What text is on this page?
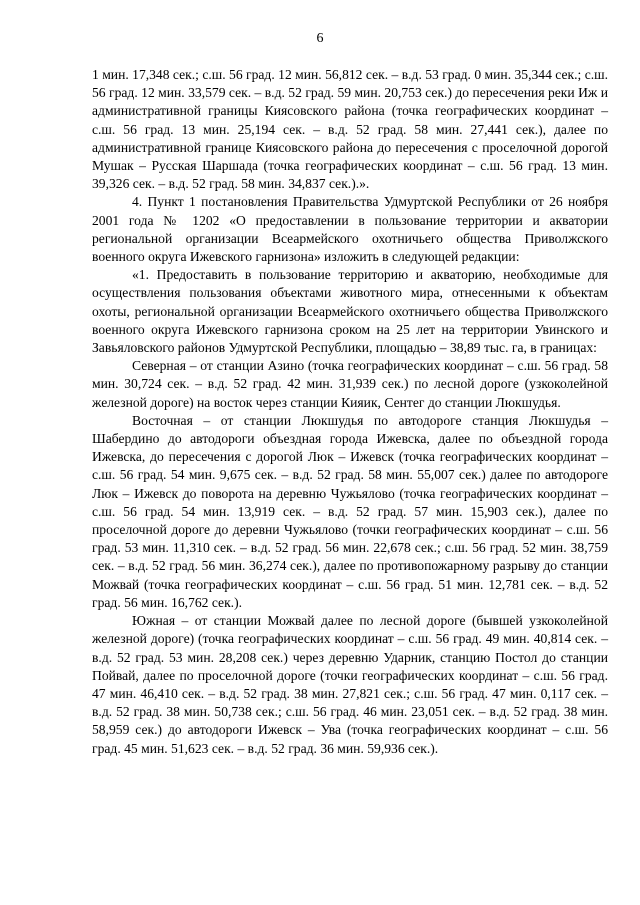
6

1 мин. 17,348 сек.; с.ш. 56 град. 12 мин. 56,812 сек. – в.д. 53 град. 0 мин. 35,344 сек.; с.ш. 56 град. 12 мин. 33,579 сек. – в.д. 52 град. 59 мин. 20,753 сек.) до пересечения реки Иж и административной границы Киясовского района (точка географических координат – с.ш. 56 град. 13 мин. 25,194 сек. – в.д. 52 град. 58 мин. 27,441 сек.), далее по административной границе Киясовского района до пересечения с проселочной дорогой Мушак – Русская Шаршада (точка географических координат – с.ш. 56 град. 13 мин. 39,326 сек. – в.д. 52 град. 58 мин. 34,837 сек.).».

4. Пункт 1 постановления Правительства Удмуртской Республики от 26 ноября 2001 года № 1202 «О предоставлении в пользование территории и акватории региональной организации Всеармейского охотничьего общества Приволжского военного округа Ижевского гарнизона» изложить в следующей редакции:

«1. Предоставить в пользование территорию и акваторию, необходимые для осуществления пользования объектами животного мира, отнесенными к объектам охоты, региональной организации Всеармейского охотничьего общества Приволжского военного округа Ижевского гарнизона сроком на 25 лет на территории Увинского и Завьяловского районов Удмуртской Республики, площадью – 38,89 тыс. га, в границах:

Северная – от станции Азино (точка географических координат – с.ш. 56 град. 58 мин. 30,724 сек. – в.д. 52 град. 42 мин. 31,939 сек.) по лесной дороге (узкоколейной железной дороге) на восток через станции Кияик, Сентег до станции Люкшудья.

Восточная – от станции Люкшудья по автодороге станция Люкшудья – Шабердино до автодороги объездная города Ижевска, далее по объездной города Ижевска, до пересечения с дорогой Люк – Ижевск (точка географических координат – с.ш. 56 град. 54 мин. 9,675 сек. – в.д. 52 град. 58 мин. 55,007 сек.) далее по автодороге Люк – Ижевск до поворота на деревню Чужьялово (точка географических координат – с.ш. 56 град. 54 мин. 13,919 сек. – в.д. 52 град. 57 мин. 15,903 сек.), далее по проселочной дороге до деревни Чужьялово (точки географических координат – с.ш. 56 град. 53 мин. 11,310 сек. – в.д. 52 град. 56 мин. 22,678 сек.; с.ш. 56 град. 52 мин. 38,759 сек. – в.д. 52 град. 56 мин. 36,274 сек.), далее по противопожарному разрыву до станции Можвай (точка географических координат – с.ш. 56 град. 51 мин. 12,781 сек. – в.д. 52 град. 56 мин. 16,762 сек.).

Южная – от станции Можвай далее по лесной дороге (бывшей узкоколейной железной дороге) (точка географических координат – с.ш. 56 град. 49 мин. 40,814 сек. – в.д. 52 град. 53 мин. 28,208 сек.) через деревню Ударник, станцию Постол до станции Пойвай, далее по проселочной дороге (точки географических координат – с.ш. 56 град. 47 мин. 46,410 сек. – в.д. 52 град. 38 мин. 27,821 сек.; с.ш. 56 град. 47 мин. 0,117 сек. – в.д. 52 град. 38 мин. 50,738 сек.; с.ш. 56 град. 46 мин. 23,051 сек. – в.д. 52 град. 38 мин. 58,959 сек.) до автодороги Ижевск – Ува (точка географических координат – с.ш. 56 град. 45 мин. 51,623 сек. – в.д. 52 град. 36 мин. 59,936 сек.).
